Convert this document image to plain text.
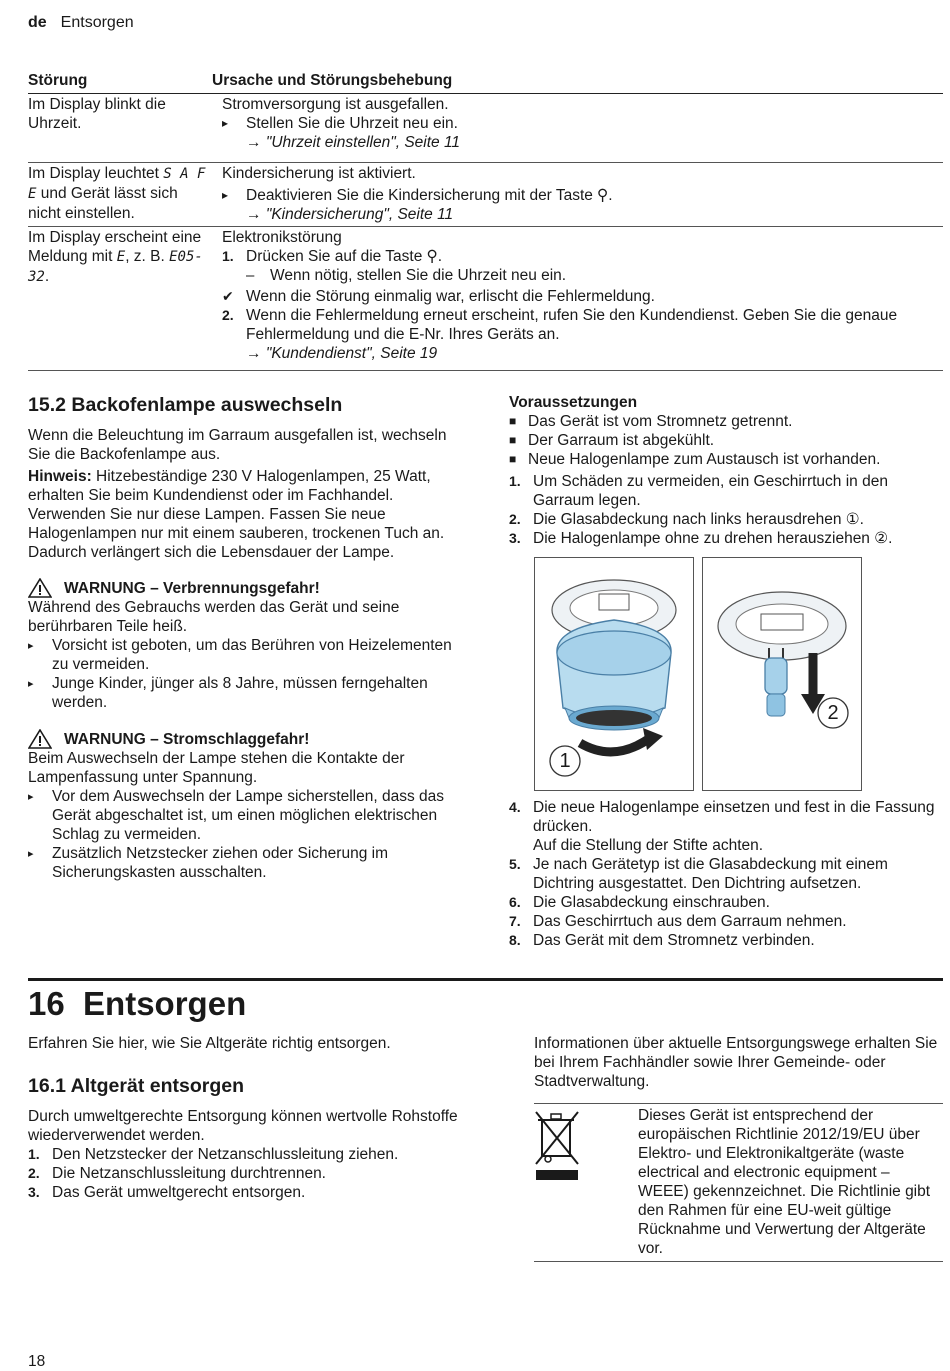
de Entsorgen
Störung	Ursache und Störungsbehebung
Im Display blinkt die Uhrzeit.
Stromversorgung ist ausgefallen.
▸	Stellen Sie die Uhrzeit neu ein.
→ "Uhrzeit einstellen", Seite 11
Im Display leuchtet S A F E und Gerät lässt sich nicht einstellen.
Kindersicherung ist aktiviert.
▸	Deaktivieren Sie die Kindersicherung mit der Taste ⚲.
→ "Kindersicherung", Seite 11
Im Display erscheint eine Meldung mit E, z. B. E05-32.
Elektronikstörung
1. Drücken Sie auf die Taste ⚲.
–	Wenn nötig, stellen Sie die Uhrzeit neu ein.
✔ Wenn die Störung einmalig war, erlischt die Fehlermeldung.
2. Wenn die Fehlermeldung erneut erscheint, rufen Sie den Kundendienst. Geben Sie die genaue Fehlermeldung und die E-Nr. Ihres Geräts an.
→ "Kundendienst", Seite 19
15.2 Backofenlampe auswechseln
Wenn die Beleuchtung im Garraum ausgefallen ist, wechseln Sie die Backofenlampe aus.
Hinweis: Hitzebeständige 230 V Halogenlampen, 25 Watt, erhalten Sie beim Kundendienst oder im Fachhandel. Verwenden Sie nur diese Lampen. Fassen Sie neue Halogenlampen nur mit einem sauberen, trockenen Tuch an. Dadurch verlängert sich die Lebensdauer der Lampe.
WARNUNG – Verbrennungsgefahr!
Während des Gebrauchs werden das Gerät und seine berührbaren Teile heiß.
▸	Vorsicht ist geboten, um das Berühren von Heizelementen zu vermeiden.
▸	Junge Kinder, jünger als 8 Jahre, müssen ferngehalten werden.
WARNUNG – Stromschlaggefahr!
Beim Auswechseln der Lampe stehen die Kontakte der Lampenfassung unter Spannung.
▸	Vor dem Auswechseln der Lampe sicherstellen, dass das Gerät abgeschaltet ist, um einen möglichen elektrischen Schlag zu vermeiden.
▸	Zusätzlich Netzstecker ziehen oder Sicherung im Sicherungskasten ausschalten.
Voraussetzungen
■ Das Gerät ist vom Stromnetz getrennt.
■ Der Garraum ist abgekühlt.
■ Neue Halogenlampe zum Austausch ist vorhanden.
1. Um Schäden zu vermeiden, ein Geschirrtuch in den Garraum legen.
2. Die Glasabdeckung nach links herausdrehen ①.
3. Die Halogenlampe ohne zu drehen herausziehen ②.
1
2
4. Die neue Halogenlampe einsetzen und fest in die Fassung drücken.
Auf die Stellung der Stifte achten.
5. Je nach Gerätetyp ist die Glasabdeckung mit einem Dichtring ausgestattet. Den Dichtring aufsetzen.
6. Die Glasabdeckung einschrauben.
7. Das Geschirrtuch aus dem Garraum nehmen.
8. Das Gerät mit dem Stromnetz verbinden.
16  Entsorgen
Erfahren Sie hier, wie Sie Altgeräte richtig entsorgen.
16.1 Altgerät entsorgen
Durch umweltgerechte Entsorgung können wertvolle Rohstoffe wiederverwendet werden.
1. Den Netzstecker der Netzanschlussleitung ziehen.
2. Die Netzanschlussleitung durchtrennen.
3. Das Gerät umweltgerecht entsorgen.
Informationen über aktuelle Entsorgungswege erhalten Sie bei Ihrem Fachhändler sowie Ihrer Gemeinde- oder Stadtverwaltung.
Dieses Gerät ist entsprechend der europäischen Richtlinie 2012/19/EU über Elektro- und Elektronikaltgeräte (waste electrical and electronic equipment – WEEE) gekennzeichnet. Die Richtlinie gibt den Rahmen für eine EU-weit gültige Rücknahme und Verwertung der Altgeräte vor.
18
